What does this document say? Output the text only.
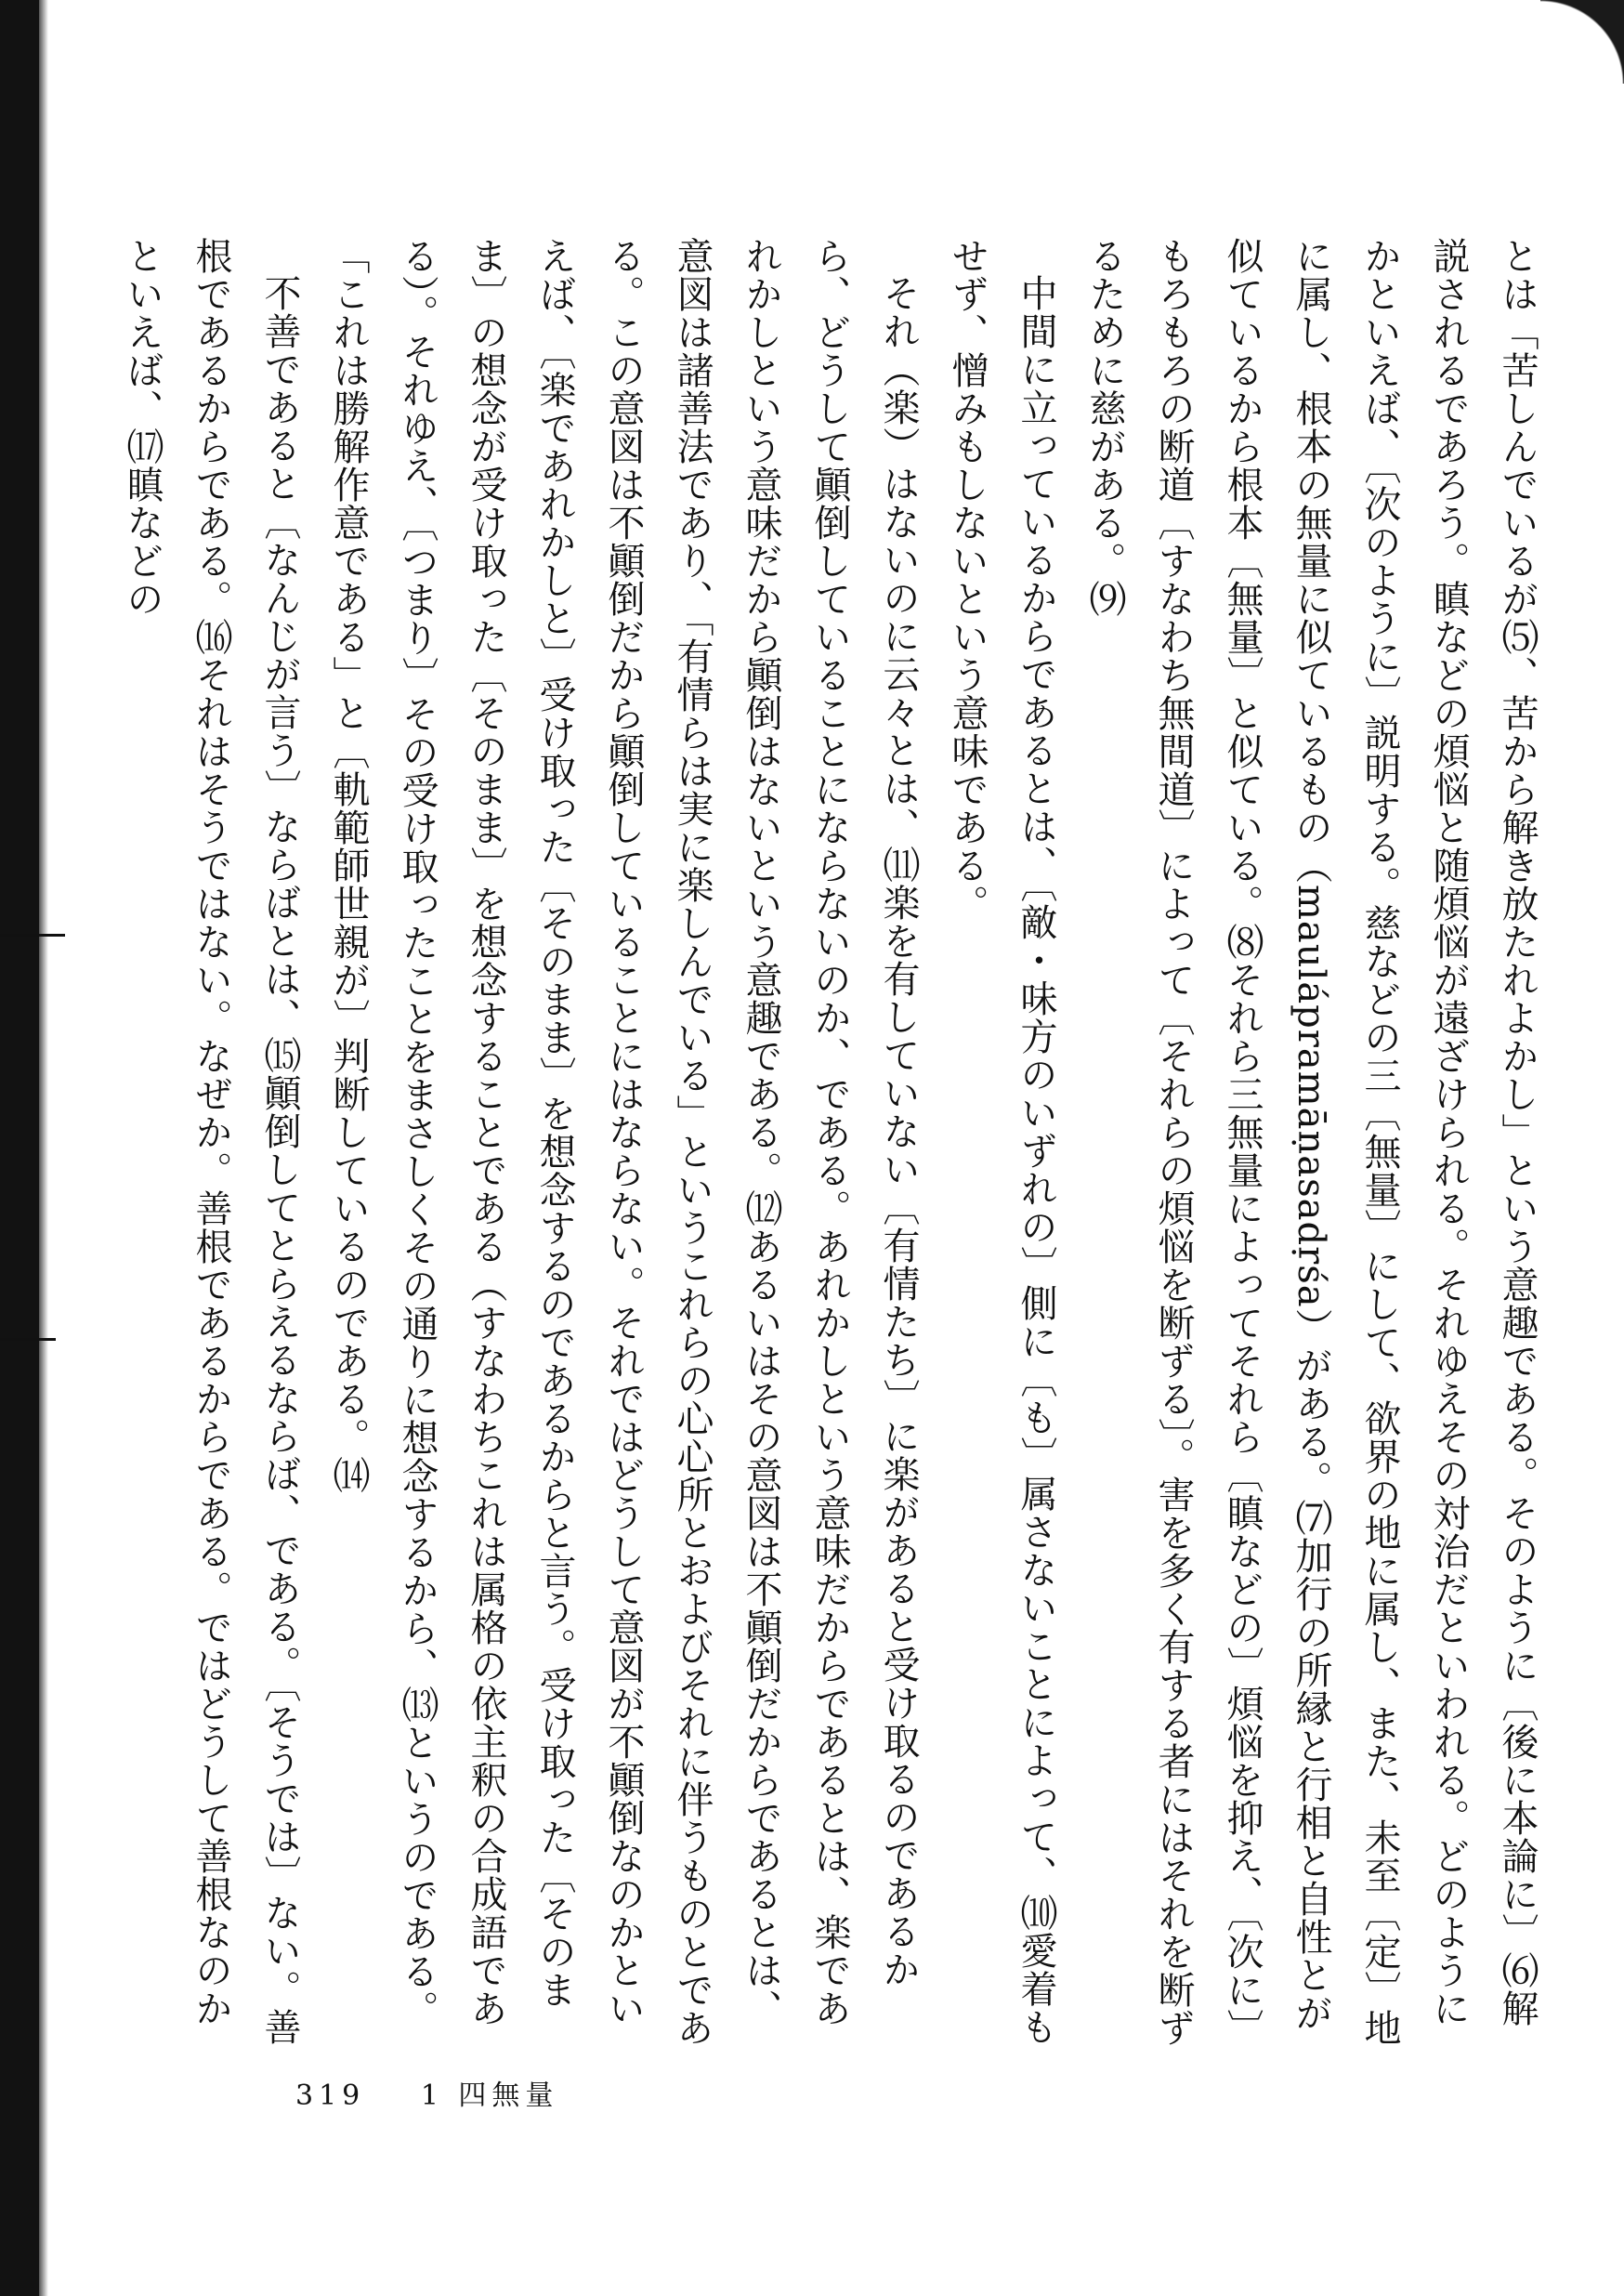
とは「苦しんでいるが⑸、苦から解き放たれよかし」という意趣である。そのように〔後に本論に〕⑹解説されるであろう。瞋などの煩悩と随煩悩が遠ざけられる。それゆえその対治だといわれる。どのようにかといえば、〔次のように〕説明する。慈などの三〔無量〕にして、欲界の地に属し、また、未至〔定〕地に属し、根本の無量に似ているもの（maulápramāṇasadṛśa）がある。⑺加行の所縁と行相と自性とが似ているから根本〔無量〕と似ている。⑻それら三無量によってそれら〔瞋などの〕煩悩を抑え、〔次に〕もろもろの断道〔すなわち無間道〕によって〔それらの煩悩を断ずる〕。害を多く有する者にはそれを断ずるために慈がある。⑼

中間に立っているからであるとは、〔敵・味方のいずれの〕側に〔も〕属さないことによって、⑽愛着もせず、憎みもしないという意味である。

それ（楽）はないのに云々とは、⑾楽を有していない〔有情たち〕に楽があると受け取るのであるから、どうして顚倒していることにならないのか、である。あれかしという意味だからであるとは、楽であれかしという意味だから顚倒はないという意趣である。⑿あるいはその意図は不顚倒だからであるとは、意図は諸善法であり、「有情らは実に楽しんでいる」というこれらの心心所とおよびそれに伴うものとである。この意図は不顚倒だから顚倒していることにはならない。それではどうして意図が不顚倒なのかといえば、〔楽であれかしと〕受け取った〔そのまま〕を想念するのであるからと言う。受け取った〔そのまま〕の想念が受け取った〔そのまま〕を想念することである（すなわちこれは属格の依主釈の合成語である）。それゆえ、〔つまり〕その受け取ったことをまさしくその通りに想念するから、⒀というのである。「これは勝解作意である」と〔軌範師世親が〕判断しているのである。⒁

不善であると〔なんじが言う〕ならばとは、⒂顚倒してとらえるならば、である。〔そうでは〕ない。善根であるからである。⒃それはそうではない。なぜか。善根であるからである。ではどうして善根なのかといえば、⒄瞋などの

319 1 四無量
